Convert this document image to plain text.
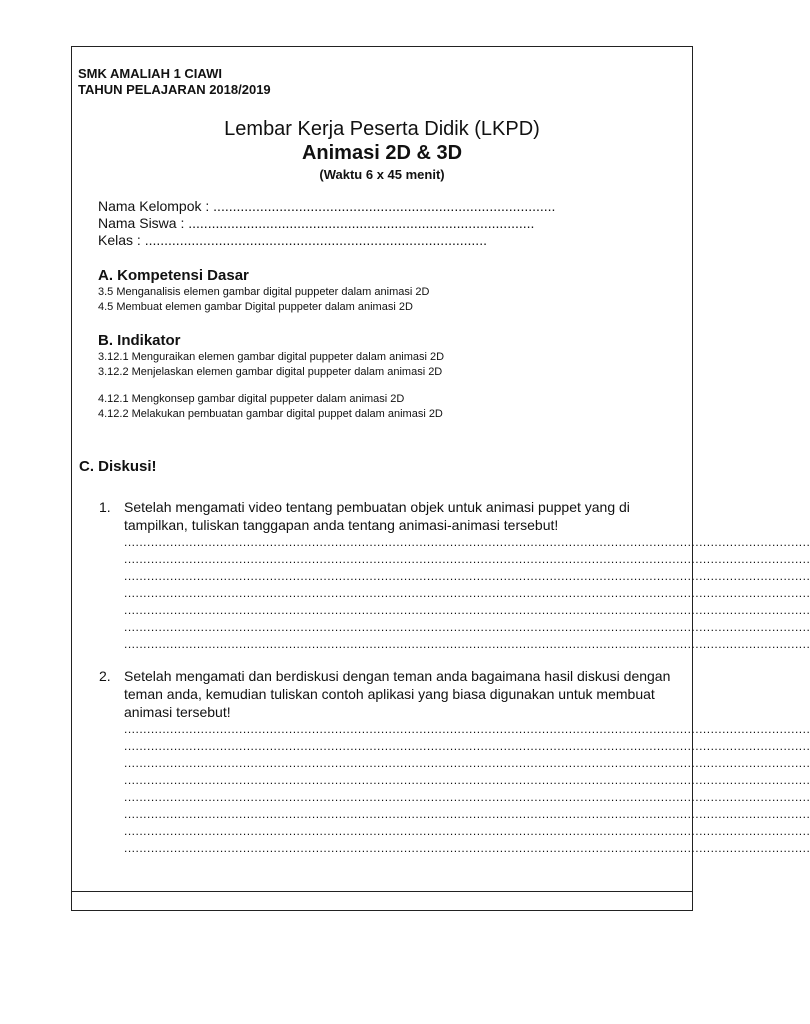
SMK AMALIAH 1 CIAWI
TAHUN PELAJARAN 2018/2019
Lembar Kerja Peserta Didik (LKPD)
Animasi 2D & 3D
(Waktu 6 x 45 menit)
Nama Kelompok : ........................................................................................
Nama Siswa : .........................................................................................
Kelas : ........................................................................................
A. Kompetensi Dasar
3.5 Menganalisis elemen gambar digital puppeter dalam animasi 2D
4.5 Membuat elemen gambar Digital puppeter dalam animasi 2D
B. Indikator
3.12.1 Menguraikan elemen gambar digital puppeter dalam animasi 2D
3.12.2 Menjelaskan elemen gambar digital puppeter dalam animasi 2D
4.12.1 Mengkonsep gambar digital puppeter dalam animasi 2D
4.12.2 Melakukan pembuatan gambar digital puppet dalam animasi 2D
C. Diskusi!
1. Setelah mengamati video tentang pembuatan objek untuk animasi puppet yang di tampilkan, tuliskan tanggapan anda tentang animasi-animasi tersebut!
...................................................................................................................................................................................
...................................................................................................................................................................................
...................................................................................................................................................................................
...................................................................................................................................................................................
...................................................................................................................................................................................
...................................................................................................................................................................................
...................................................................................................................................................................................
2. Setelah mengamati dan berdiskusi dengan teman anda bagaimana hasil diskusi dengan teman anda, kemudian tuliskan contoh aplikasi yang biasa digunakan untuk membuat animasi tersebut!
...................................................................................................................................................................................
...................................................................................................................................................................................
...................................................................................................................................................................................
...................................................................................................................................................................................
...................................................................................................................................................................................
...................................................................................................................................................................................
...................................................................................................................................................................................
...................................................................................................................................................................................
